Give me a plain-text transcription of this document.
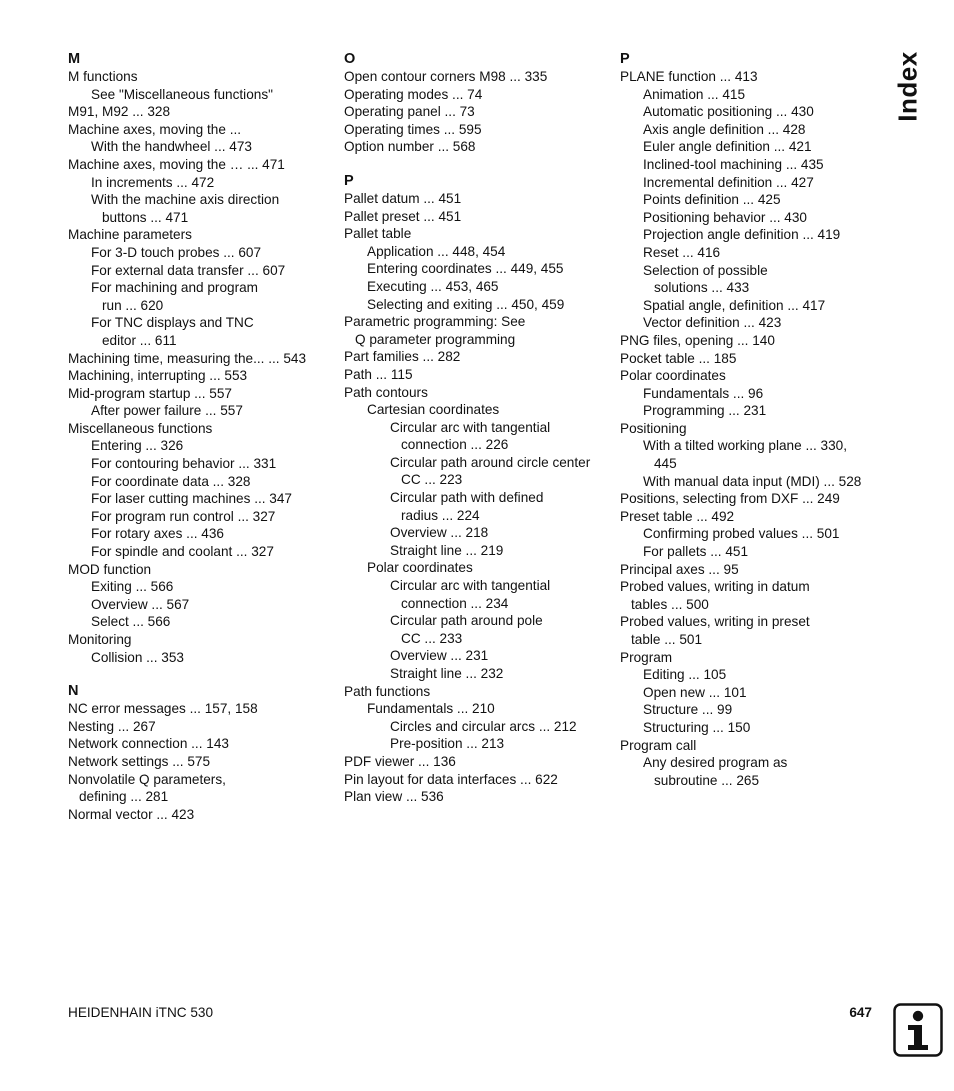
M
M functions
See "Miscellaneous functions"
M91, M92 ... 328
Machine axes, moving the ...
With the handwheel ... 473
Machine axes, moving the … ... 471
In increments ... 472
With the machine axis direction
buttons ... 471
Machine parameters
For 3-D touch probes ... 607
For external data transfer ... 607
For machining and program
run ... 620
For TNC displays and TNC
editor ... 611
Machining time, measuring the... ... 543
Machining, interrupting ... 553
Mid-program startup ... 557
After power failure ... 557
Miscellaneous functions
Entering ... 326
For contouring behavior ... 331
For coordinate data ... 328
For laser cutting machines ... 347
For program run control ... 327
For rotary axes ... 436
For spindle and coolant ... 327
MOD function
Exiting ... 566
Overview ... 567
Select ... 566
Monitoring
Collision ... 353
N
NC error messages ... 157, 158
Nesting ... 267
Network connection ... 143
Network settings ... 575
Nonvolatile Q parameters,
defining ... 281
Normal vector ... 423
O
Open contour corners M98 ... 335
Operating modes ... 74
Operating panel ... 73
Operating times ... 595
Option number ... 568
P
Pallet datum ... 451
Pallet preset ... 451
Pallet table
Application ... 448, 454
Entering coordinates ... 449, 455
Executing ... 453, 465
Selecting and exiting ... 450, 459
Parametric programming: See
Q parameter programming
Part families ... 282
Path ... 115
Path contours
Cartesian coordinates
Circular arc with tangential
connection ... 226
Circular path around circle center
CC ... 223
Circular path with defined
radius ... 224
Overview ... 218
Straight line ... 219
Polar coordinates
Circular arc with tangential
connection ... 234
Circular path around pole
CC ... 233
Overview ... 231
Straight line ... 232
Path functions
Fundamentals ... 210
Circles and circular arcs ... 212
Pre-position ... 213
PDF viewer ... 136
Pin layout for data interfaces ... 622
Plan view ... 536
P
PLANE function ... 413
Animation ... 415
Automatic positioning ... 430
Axis angle definition ... 428
Euler angle definition ... 421
Inclined-tool machining ... 435
Incremental definition ... 427
Points definition ... 425
Positioning behavior ... 430
Projection angle definition ... 419
Reset ... 416
Selection of possible
solutions ... 433
Spatial angle, definition ... 417
Vector definition ... 423
PNG files, opening ... 140
Pocket table ... 185
Polar coordinates
Fundamentals ... 96
Programming ... 231
Positioning
With a tilted working plane ... 330,
445
With manual data input (MDI) ... 528
Positions, selecting from DXF ... 249
Preset table ... 492
Confirming probed values ... 501
For pallets ... 451
Principal axes ... 95
Probed values, writing in datum
tables ... 500
Probed values, writing in preset
table ... 501
Program
Editing ... 105
Open new ... 101
Structure ... 99
Structuring ... 150
Program call
Any desired program as
subroutine ... 265
Index
HEIDENHAIN iTNC 530	647
